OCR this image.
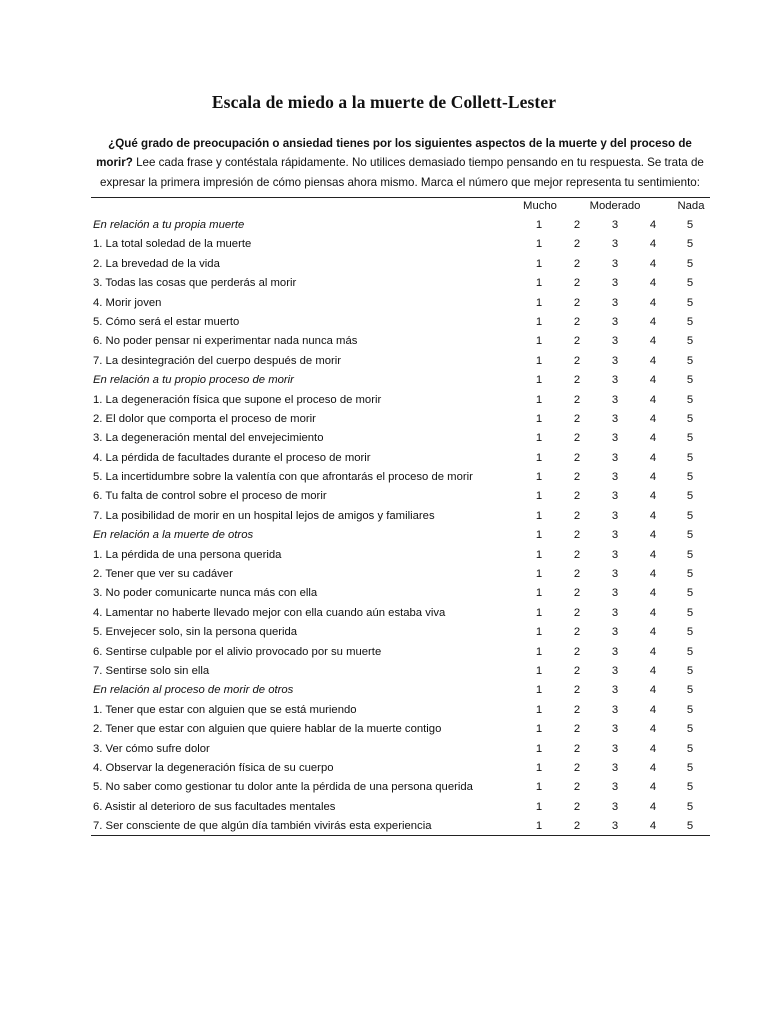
Escala de miedo a la muerte de Collett-Lester
¿Qué grado de preocupación o ansiedad tienes por los siguientes aspectos de la muerte y del proceso de morir? Lee cada frase y contéstala rápidamente. No utilices demasiado tiempo pensando en tu respuesta. Se trata de expresar la primera impresión de cómo piensas ahora mismo. Marca el número que mejor representa tu sentimiento:
Mucho	Moderado	Nada
En relación a tu propia muerte	1	2	3	4	5
1. La total soledad de la muerte	1	2	3	4	5
2. La brevedad de la vida	1	2	3	4	5
3. Todas las cosas que perderás al morir	1	2	3	4	5
4. Morir joven	1	2	3	4	5
5. Cómo será el estar muerto	1	2	3	4	5
6. No poder pensar ni experimentar nada nunca más	1	2	3	4	5
7. La desintegración del cuerpo después de morir	1	2	3	4	5
En relación a tu propio proceso de morir	1	2	3	4	5
1. La degeneración física que supone el proceso de morir	1	2	3	4	5
2. El dolor que comporta el proceso de morir	1	2	3	4	5
3. La degeneración mental del envejecimiento	1	2	3	4	5
4. La pérdida de facultades durante el proceso de morir	1	2	3	4	5
5. La incertidumbre sobre la valentía con que afrontarás el proceso de morir	1	2	3	4	5
6. Tu falta de control sobre el proceso de morir	1	2	3	4	5
7. La posibilidad de morir en un hospital lejos de amigos y familiares	1	2	3	4	5
En relación a la muerte de otros	1	2	3	4	5
1. La pérdida de una persona querida	1	2	3	4	5
2. Tener que ver su cadáver	1	2	3	4	5
3. No poder comunicarte nunca más con ella	1	2	3	4	5
4. Lamentar no haberte llevado mejor con ella cuando aún estaba viva	1	2	3	4	5
5. Envejecer solo, sin la persona querida	1	2	3	4	5
6. Sentirse culpable por el alivio provocado por su muerte	1	2	3	4	5
7. Sentirse solo sin ella	1	2	3	4	5
En relación al proceso de morir de otros	1	2	3	4	5
1. Tener que estar con alguien que se está muriendo	1	2	3	4	5
2. Tener que estar con alguien que quiere hablar de la muerte contigo	1	2	3	4	5
3. Ver cómo sufre dolor	1	2	3	4	5
4. Observar la degeneración física de su cuerpo	1	2	3	4	5
5. No saber como gestionar tu dolor ante la pérdida de una persona querida	1	2	3	4	5
6. Asistir al deterioro de sus facultades mentales	1	2	3	4	5
7. Ser consciente de que algún día también vivirás esta experiencia	1	2	3	4	5
